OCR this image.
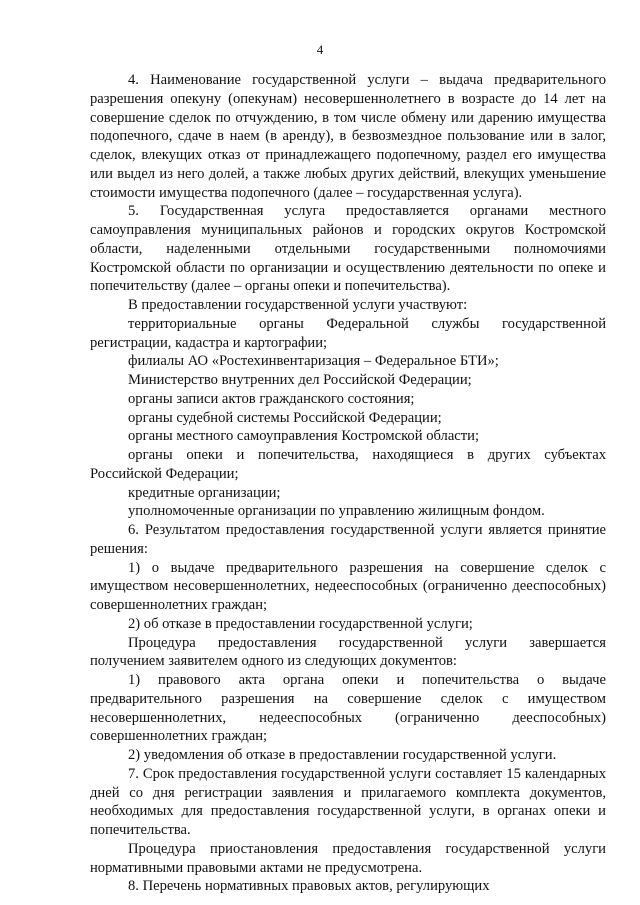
4

4. Наименование государственной услуги – выдача предварительного разрешения опекуну (опекунам) несовершеннолетнего в возрасте до 14 лет на совершение сделок по отчуждению, в том числе обмену или дарению имущества подопечного, сдаче в наем (в аренду), в безвозмездное пользование или в залог, сделок, влекущих отказ от принадлежащего подопечному, раздел его имущества или выдел из него долей, а также любых других действий, влекущих уменьшение стоимости имущества подопечного (далее – государственная услуга).

5. Государственная услуга предоставляется органами местного самоуправления муниципальных районов и городских округов Костромской области, наделенными отдельными государственными полномочиями Костромской области по организации и осуществлению деятельности по опеке и попечительству (далее – органы опеки и попечительства).

В предоставлении государственной услуги участвуют:

территориальные органы Федеральной службы государственной регистрации, кадастра и картографии;

филиалы АО «Ростехинвентаризация – Федеральное БТИ»;

Министерство внутренних дел Российской Федерации;

органы записи актов гражданского состояния;

органы судебной системы Российской Федерации;

органы местного самоуправления Костромской области;

органы опеки и попечительства, находящиеся в других субъектах Российской Федерации;

кредитные организации;

уполномоченные организации по управлению жилищным фондом.

6. Результатом предоставления государственной услуги является принятие решения:

1) о выдаче предварительного разрешения на совершение сделок с имуществом несовершеннолетних, недееспособных (ограниченно дееспособных) совершеннолетних граждан;

2) об отказе в предоставлении государственной услуги;

Процедура предоставления государственной услуги завершается получением заявителем одного из следующих документов:

1) правового акта органа опеки и попечительства о выдаче предварительного разрешения на совершение сделок с имуществом несовершеннолетних, недееспособных (ограниченно дееспособных) совершеннолетних граждан;

2) уведомления об отказе в предоставлении государственной услуги.

7. Срок предоставления государственной услуги составляет 15 календарных дней со дня регистрации заявления и прилагаемого комплекта документов, необходимых для предоставления государственной услуги, в органах опеки и попечительства.

Процедура приостановления предоставления государственной услуги нормативными правовыми актами не предусмотрена.

8. Перечень нормативных правовых актов, регулирующих
